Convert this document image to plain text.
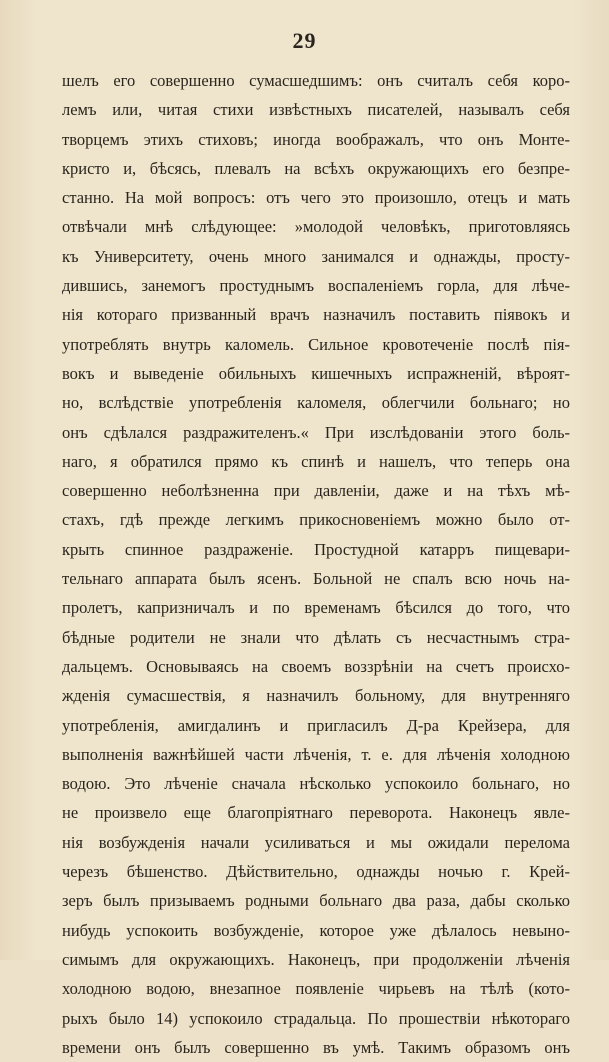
29
шелъ его совершенно сумасшедшимъ: онъ считалъ себя коро-
лемъ или, читая стихи извѣстныхъ писателей, называлъ себя
творцемъ этихъ стиховъ; иногда воображалъ, что онъ Монте-
кристо и, бѣсясь, плевалъ на всѣхъ окружающихъ его безпре-
станно. На мой вопросъ: отъ чего это произошло, отецъ и мать
отвѣчали мнѣ слѣдующее: »молодой человѣкъ, приготовляясь
къ Университету, очень много занимался и однажды, просту-
дившись, занемогъ простуднымъ воспаленіемъ горла, для лѣче-
нія котораго призванный врачъ назначилъ поставить піявокъ и
употреблять внутрь каломель. Сильное кровотеченіе послѣ пія-
вокъ и выведеніе обильныхъ кишечныхъ испражненій, вѣроят-
но, вслѣдствіе употребленія каломеля, облегчили больнаго; но
онъ сдѣлался раздражителенъ.« При изслѣдованіи этого боль-
наго, я обратился прямо къ спинѣ и нашелъ, что теперь она
совершенно неболѣзненна при давленіи, даже и на тѣхъ мѣ-
стахъ, гдѣ прежде легкимъ прикосновеніемъ можно было от-
крыть спинное раздраженіе. Простудной катарръ пищевари-
тельнаго аппарата былъ ясенъ. Больной не спалъ всю ночь на-
пролетъ, капризничалъ и по временамъ бѣсился до того, что
бѣдные родители не знали что дѣлать съ несчастнымъ стра-
дальцемъ. Основываясь на своемъ воззрѣніи на счетъ происхо-
жденія сумасшествія, я назначилъ больному, для внутренняго
употребленія, амигдалинъ и пригласилъ Д-ра Крейзера, для
выполненія важнѣйшей части лѣченія, т. е. для лѣченія холодною
водою. Это лѣченіе сначала нѣсколько успокоило больнаго, но
не произвело еще благопріятнаго переворота. Наконецъ явле-
нія возбужденія начали усиливаться и мы ожидали перелома
черезъ бѣшенство. Дѣйствительно, однажды ночью г. Крей-
зеръ былъ призываемъ родными больнаго два раза, дабы сколько
нибудь успокоить возбужденіе, которое уже дѣлалось невыно-
симымъ для окружающихъ. Наконецъ, при продолженіи лѣченія
холодною водою, внезапное появленіе чирьевъ на тѣлѣ (кото-
рыхъ было 14) успокоило страдальца. По прошествіи нѣкотораго
времени онъ былъ совершенно въ умѣ. Такимъ образомъ онъ
